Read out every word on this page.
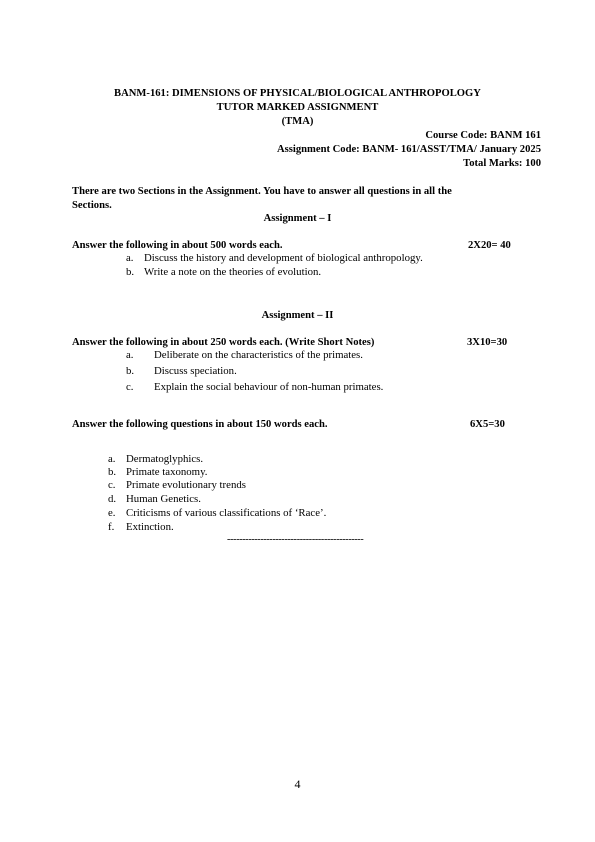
BANM-161: DIMENSIONS OF PHYSICAL/BIOLOGICAL ANTHROPOLOGY
TUTOR MARKED ASSIGNMENT
(TMA)
Course Code: BANM 161
Assignment Code: BANM- 161/ASST/TMA/ January 2025
Total Marks: 100
There are two Sections in the Assignment. You have to answer all questions in all the
Sections.
Assignment – I
Answer the following in about 500 words each.	2X20= 40
a. Discuss the history and development of biological anthropology.
b. Write a note on the theories of evolution.
Assignment – II
Answer the following in about 250 words each. (Write Short Notes)	3X10=30
a. Deliberate on the characteristics of the primates.
b. Discuss speciation.
c. Explain the social behaviour of non-human primates.
Answer the following questions in about 150 words each.	6X5=30
a. Dermatoglyphics.
b. Primate taxonomy.
c. Primate evolutionary trends
d. Human Genetics.
e. Criticisms of various classifications of ‘Race’.
f. Extinction.
---------------------------------------------
4
